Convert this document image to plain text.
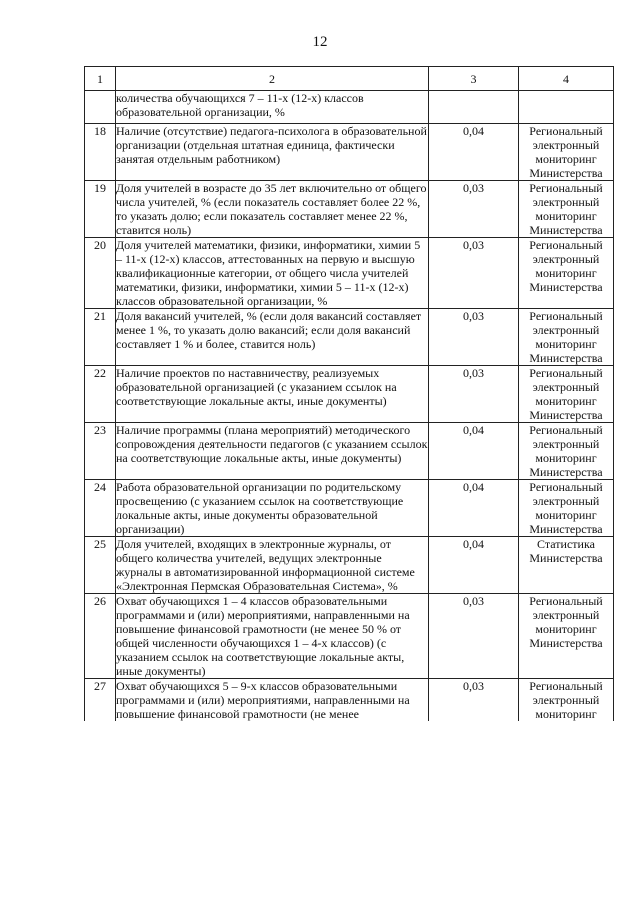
12
1	2	3	4
	количества обучающихся 7 – 11-х (12-х) классов образовательной организации, %		
18	Наличие (отсутствие) педагога-психолога в образовательной организации (отдельная штатная единица, фактически занятая отдельным работником)	0,04	Региональный электронный мониторинг Министерства
19	Доля учителей в возрасте до 35 лет включительно от общего числа учителей, % (если показатель составляет более 22 %, то указать долю; если показатель составляет менее 22 %, ставится ноль)	0,03	Региональный электронный мониторинг Министерства
20	Доля учителей математики, физики, информатики, химии 5 – 11-х (12-х) классов, аттестованных на первую и высшую квалификационные категории, от общего числа учителей математики, физики, информатики, химии 5 – 11-х (12-х) классов образовательной организации, %	0,03	Региональный электронный мониторинг Министерства
21	Доля вакансий учителей, % (если доля вакансий составляет менее 1 %, то указать долю вакансий; если доля вакансий составляет 1 % и более, ставится ноль)	0,03	Региональный электронный мониторинг Министерства
22	Наличие проектов по наставничеству, реализуемых образовательной организацией (с указанием ссылок на соответствующие локальные акты, иные документы)	0,03	Региональный электронный мониторинг Министерства
23	Наличие программы (плана мероприятий) методического сопровождения деятельности педагогов (с указанием ссылок на соответствующие локальные акты, иные документы)	0,04	Региональный электронный мониторинг Министерства
24	Работа образовательной организации по родительскому просвещению (с указанием ссылок на соответствующие локальные акты, иные документы образовательной организации)	0,04	Региональный электронный мониторинг Министерства
25	Доля учителей, входящих в электронные журналы, от общего количества учителей, ведущих электронные журналы в автоматизированной информационной системе «Электронная Пермская Образовательная Система», %	0,04	Статистика Министерства
26	Охват обучающихся 1 – 4 классов образовательными программами и (или) мероприятиями, направленными на повышение финансовой грамотности (не менее 50 % от общей численности обучающихся 1 – 4-х классов) (с указанием ссылок на соответствующие локальные акты, иные документы)	0,03	Региональный электронный мониторинг Министерства
27	Охват обучающихся 5 – 9-х классов образовательными программами и (или) мероприятиями, направленными на повышение финансовой грамотности (не менее	0,03	Региональный электронный мониторинг
